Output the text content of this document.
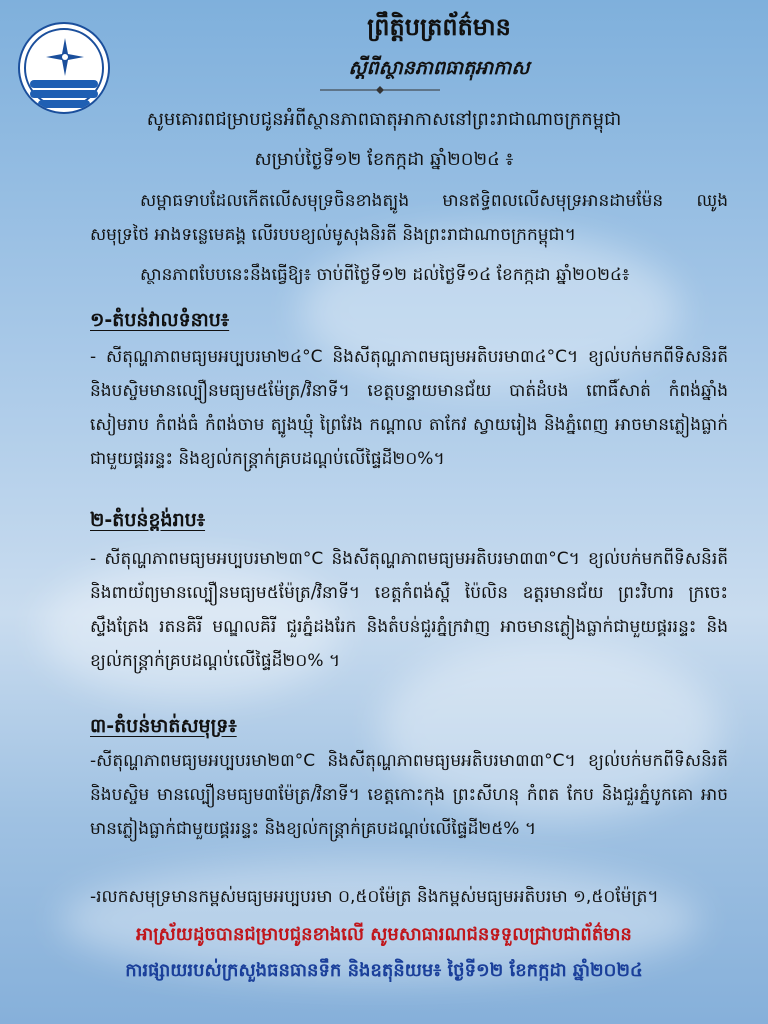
ព្រឹត្តិបត្រព័ត៌មាន
ស្ដីពីស្ថានភាពធាតុអាកាស
សូមគោរពជម្រាបជូនអំពីស្ថានភាពធាតុអាកាសនៅព្រះរាជាណាចក្រកម្ពុជា
សម្រាប់ថ្ងៃទី១២ ខែកក្កដា ឆ្នាំ២០២៤ ៖
សម្ពាធទាបដែលកើតលើសមុទ្រចិនខាងត្បូង មានឥទ្ធិពលលើសមុទ្រអានដាមម៉ែន ឈូងសមុទ្រថៃ អាងទន្លេមេគង្គ លើរបបខ្យល់មូសុងនិរតី និងព្រះរាជាណាចក្រកម្ពុជា។
ស្ថានភាពបែបនេះនឹងធ្វើឱ្យ៖ ចាប់ពីថ្ងៃទី១២ ដល់ថ្ងៃទី១៤ ខែកក្កដា ឆ្នាំ២០២៤៖
១-តំបន់វាលទំនាប៖
- សីតុណ្ហភាពមធ្យមអប្បបរមា២៤°C និងសីតុណ្ហភាពមធ្យមអតិបរមា៣៤°C។ ខ្យល់បក់មកពីទិសនិរតីនិងបស្ចិមមានល្បឿនមធ្យម៥ម៉ែត្រ/វិនាទី។ ខេត្តបន្ទាយមានជ័យ បាត់ដំបង ពោធិ៍សាត់ កំពង់ឆ្នាំង សៀមរាប កំពង់ធំ កំពង់ចាម ត្បូងឃ្មុំ ព្រៃវែង កណ្ដាល តាកែវ ស្វាយរៀង និងភ្នំពេញ អាចមានភ្លៀងធ្លាក់ជាមួយផ្គររន្ទះ និងខ្យល់កន្ត្រាក់គ្របដណ្ដប់លើផ្ទៃដី២០%។
២-តំបន់ខ្ពង់រាប៖
- សីតុណ្ហភាពមធ្យមអប្បបរមា២៣°C និងសីតុណ្ហភាពមធ្យមអតិបរមា៣៣°C។ ខ្យល់បក់មកពីទិសនិរតីនិងពាយ័ព្យមានល្បឿនមធ្យម៥ម៉ែត្រ/វិនាទី។ ខេត្តកំពង់ស្ពឺ ប៉ៃលិន ឧត្តរមានជ័យ ព្រះវិហារ ក្រចេះ ស្ទឹងត្រែង រតនគិរី មណ្ឌលគិរី ជួរភ្នំដងរែក និងតំបន់ជួរភ្នំក្រវាញ អាចមានភ្លៀងធ្លាក់ជាមួយផ្គររន្ទះ និងខ្យល់កន្ត្រាក់គ្របដណ្ដប់លើផ្ទៃដី២០% ។
៣-តំបន់មាត់សមុទ្រ៖
-សីតុណ្ហភាពមធ្យមអប្បបរមា២៣°C និងសីតុណ្ហភាពមធ្យមអតិបរមា៣៣°C។ ខ្យល់បក់មកពីទិសនិរតីនិងបស្ចិម មានល្បឿនមធ្យម៣ម៉ែត្រ/វិនាទី។ ខេត្តកោះកុង ព្រះសីហនុ កំពត កែប និងជួរភ្នំបូកគោ អាចមានភ្លៀងធ្លាក់ជាមួយផ្គររន្ទះ និងខ្យល់កន្ត្រាក់គ្របដណ្ដប់លើផ្ទៃដី២៥% ។
-រលកសមុទ្រមានកម្ពស់មធ្យមអប្បបរមា ០,៥០ម៉ែត្រ និងកម្ពស់មធ្យមអតិបរមា ១,៥០ម៉ែត្រ។
អាស្រ័យដូចបានជម្រាបជូនខាងលើ សូមសាធារណជនទទួលជ្រាបជាព័ត៌មាន
ការផ្សាយរបស់ក្រសួងធនធានទឹក និងឧតុនិយម៖ ថ្ងៃទី១២ ខែកក្កដា ឆ្នាំ២០២៤
